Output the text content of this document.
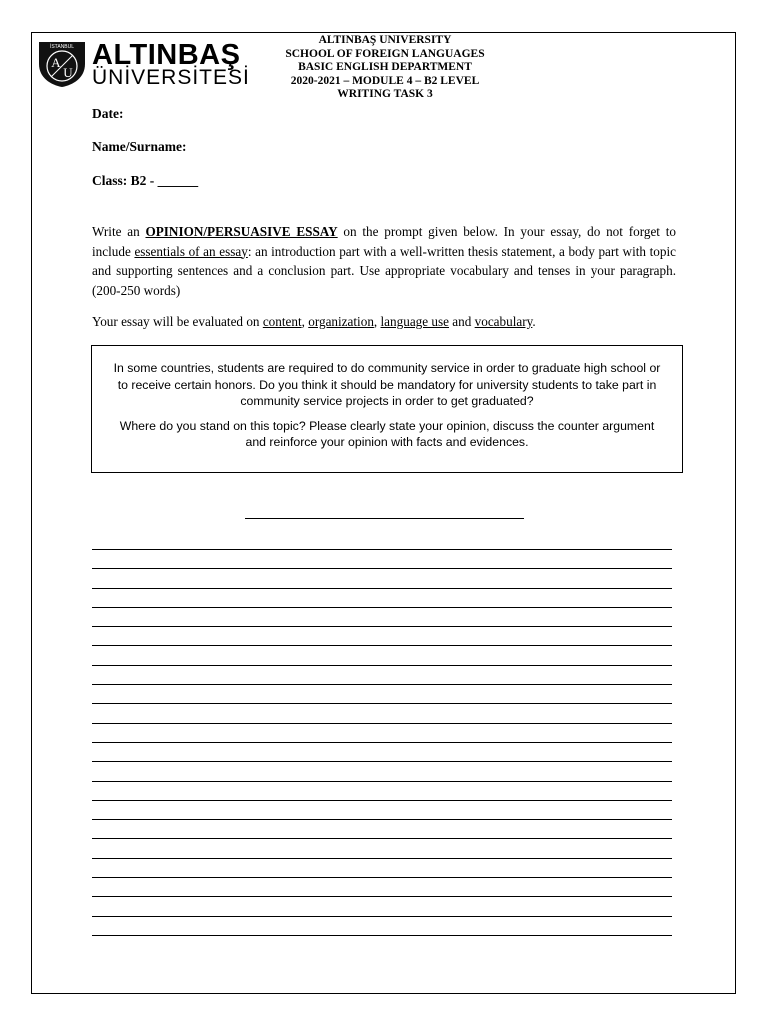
İSTANBUL
A
U
ALTINBAŞ
ÜNİVERSİTESİ
ALTINBAŞ UNIVERSITY
SCHOOL OF FOREIGN LANGUAGES
BASIC ENGLISH DEPARTMENT
2020-2021 – MODULE 4 – B2 LEVEL
WRITING TASK 3
Date:
Name/Surname:
Class: B2 - ______
Write an OPINION/PERSUASIVE ESSAY on the prompt given below. In your essay, do not forget to include essentials of an essay: an introduction part with a well-written thesis statement, a body part with topic and supporting sentences and a conclusion part. Use appropriate vocabulary and tenses in your paragraph. (200-250 words)
Your essay will be evaluated on content, organization, language use and vocabulary.

In some countries, students are required to do community service in order to graduate high school or to receive certain honors. Do you think it should be mandatory for university students to take part in community service projects in order to get graduated?

Where do you stand on this topic? Please clearly state your opinion, discuss the counter argument and reinforce your opinion with facts and evidences.
